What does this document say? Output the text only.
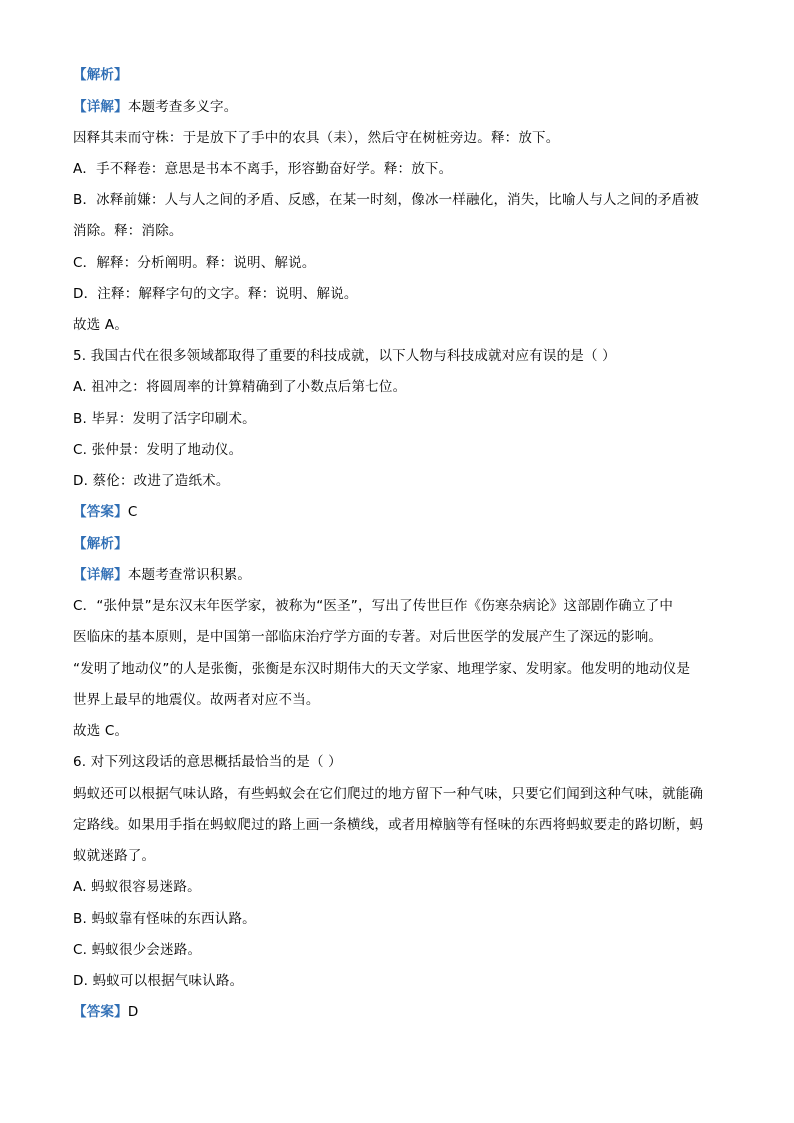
【解析】
【详解】本题考查多义字。
因释其耒而守株：于是放下了手中的农具（耒），然后守在树桩旁边。释：放下。
A．手不释卷：意思是书本不离手，形容勤奋好学。释：放下。
B．冰释前嫌：人与人之间的矛盾、反感，在某一时刻，像冰一样融化，消失，比喻人与人之间的矛盾被
消除。释：消除。
C．解释：分析阐明。释：说明、解说。
D．注释：解释字句的文字。释：说明、解说。
故选 A。
5. 我国古代在很多领域都取得了重要的科技成就，以下人物与科技成就对应有误的是（ ）
A. 祖冲之：将圆周率的计算精确到了小数点后第七位。
B. 毕昇：发明了活字印刷术。
C. 张仲景：发明了地动仪。
D. 蔡伦：改进了造纸术。
【答案】C
【解析】
【详解】本题考查常识积累。
C．“张仲景”是东汉末年医学家，被称为“医圣”，写出了传世巨作《伤寒杂病论》这部剧作确立了中
医临床的基本原则，是中国第一部临床治疗学方面的专著。对后世医学的发展产生了深远的影响。
“发明了地动仪”的人是张衡，张衡是东汉时期伟大的天文学家、地理学家、发明家。他发明的地动仪是
世界上最早的地震仪。故两者对应不当。
故选 C。
6. 对下列这段话的意思概括最恰当的是（ ）
蚂蚁还可以根据气味认路，有些蚂蚁会在它们爬过的地方留下一种气味，只要它们闻到这种气味，就能确
定路线。如果用手指在蚂蚁爬过的路上画一条横线，或者用樟脑等有怪味的东西将蚂蚁要走的路切断，蚂
蚁就迷路了。
A. 蚂蚁很容易迷路。
B. 蚂蚁靠有怪味的东西认路。
C. 蚂蚁很少会迷路。
D. 蚂蚁可以根据气味认路。
【答案】D
